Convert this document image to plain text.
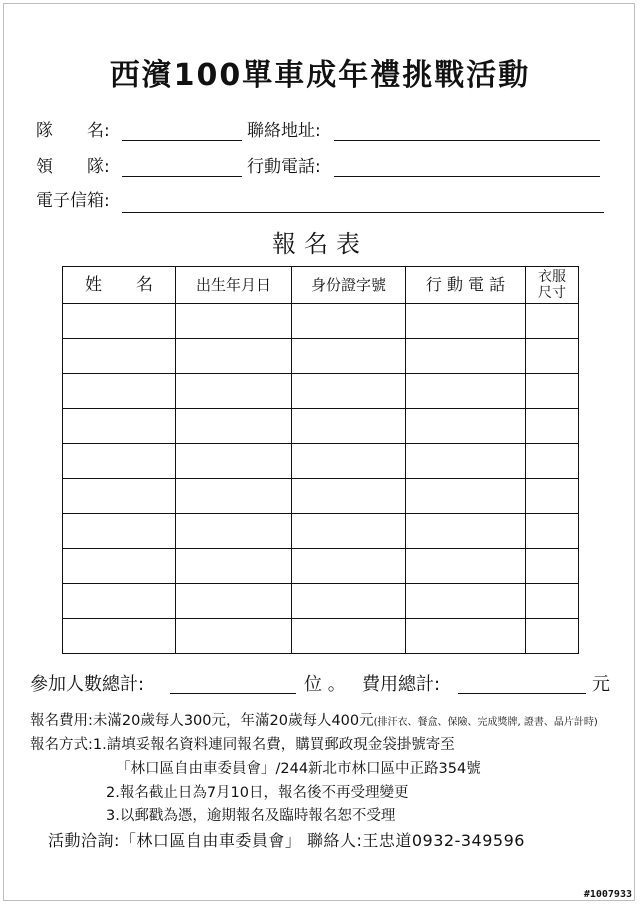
西濱100單車成年禮挑戰活動
隊　　名:	聯絡地址:
領　　隊:	行動電話:
電子信箱:
報名表
姓　　名	出生年月日	身份證字號	行 動 電 話	衣服尺寸

參加人數總計:	位 。 費用總計:	元
報名費用:未滿20歲每人300元，年滿20歲每人400元(排汗衣、餐盒、保險、完成獎牌, 證書、晶片計時)
報名方式:1.請填妥報名資料連同報名費，購買郵政現金袋掛號寄至
「林口區自由車委員會」/244新北市林口區中正路354號
2.報名截止日為7月10日，報名後不再受理變更
3.以郵戳為憑，逾期報名及臨時報名恕不受理
活動洽詢:「林口區自由車委員會」 聯絡人:王忠道0932-349596
#1007933
